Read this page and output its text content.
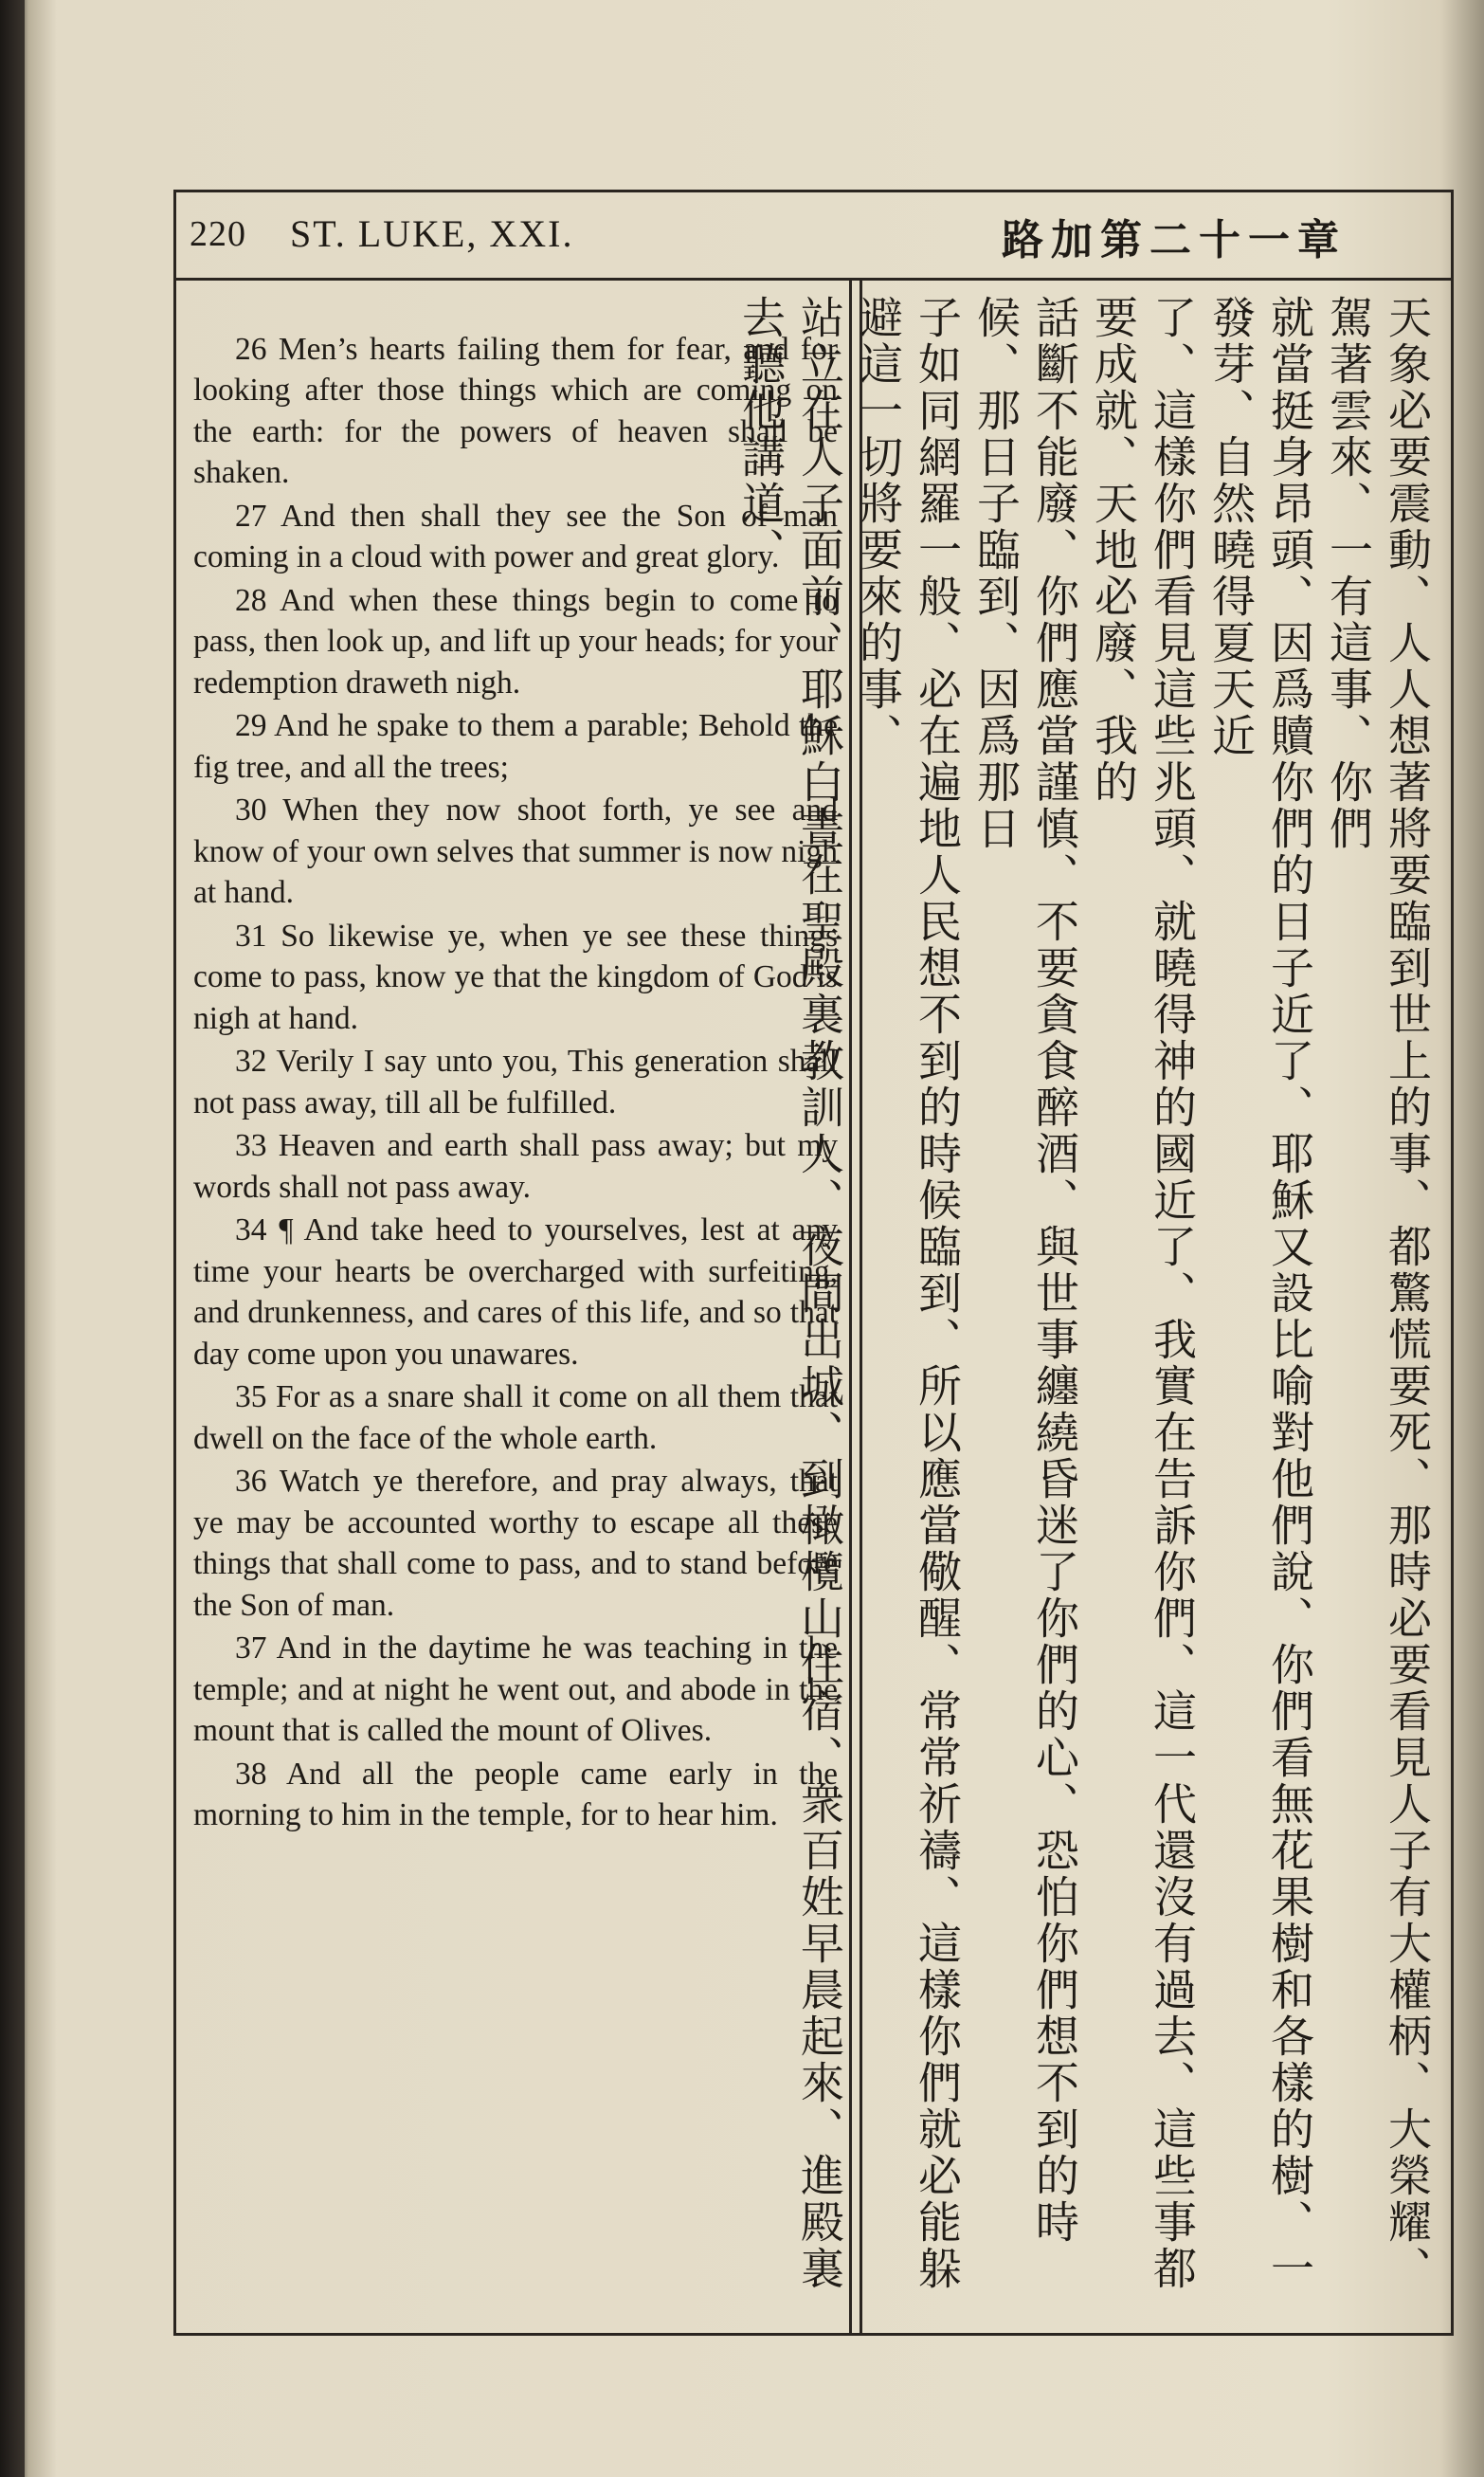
220 ST. LUKE, XXI.	路加第二十一章

26 Men’s hearts failing them for fear, and for looking after those things which are coming on the earth: for the powers of heaven shall be shaken.

27 And then shall they see the Son of man coming in a cloud with power and great glory.

28 And when these things begin to come to pass, then look up, and lift up your heads; for your redemption draweth nigh.

29 And he spake to them a parable; Behold the fig tree, and all the trees;

30 When they now shoot forth, ye see and know of your own selves that summer is now nigh at hand.

31 So likewise ye, when ye see these things come to pass, know ye that the kingdom of God is nigh at hand.

32 Verily I say unto you, This generation shall not pass away, till all be fulfilled.

33 Heaven and earth shall pass away; but my words shall not pass away.

34 ¶ And take heed to yourselves, lest at any time your hearts be overcharged with surfeiting, and drunkenness, and cares of this life, and so that day come upon you unawares.

35 For as a snare shall it come on all them that dwell on the face of the whole earth.

36 Watch ye therefore, and pray always, that ye may be accounted worthy to escape all these things that shall come to pass, and to stand before the Son of man.

37 And in the daytime he was teaching in the temple; and at night he went out, and abode in the mount that is called the mount of Olives.

38 And all the people came early in the morning to him in the temple, for to hear him.	天象必要震動、人人想著將要臨到世上的事、都驚慌要死、那時必要看見人子有大權柄、大榮耀、駕著雲來、一有這事、你們
就當挺身昂頭、因爲贖你們的日子近了、耶穌又設比喻對他們說、你們看無花果樹和各樣的樹、一發芽、自然曉得夏天近
了、這樣你們看見這些兆頭、就曉得神的國近了、我實在告訴你們、這一代還沒有過去、這些事都要成就、天地必廢、我的
話斷不能廢、你們應當謹慎、不要貪食醉酒、與世事纏繞昏迷了你們的心、恐怕你們想不到的時候、那日子臨到、因爲那日
子如同網羅一般、必在遍地人民想不到的時候臨到、所以應當儆醒、常常祈禱、這樣你們就必能躲避這一切將要來的事、
站立在人子面前、耶穌白晝在聖殿裏教訓人、夜間出城、到橄欖山住宿、衆百姓早晨起來、進殿裏去聽他講道、
